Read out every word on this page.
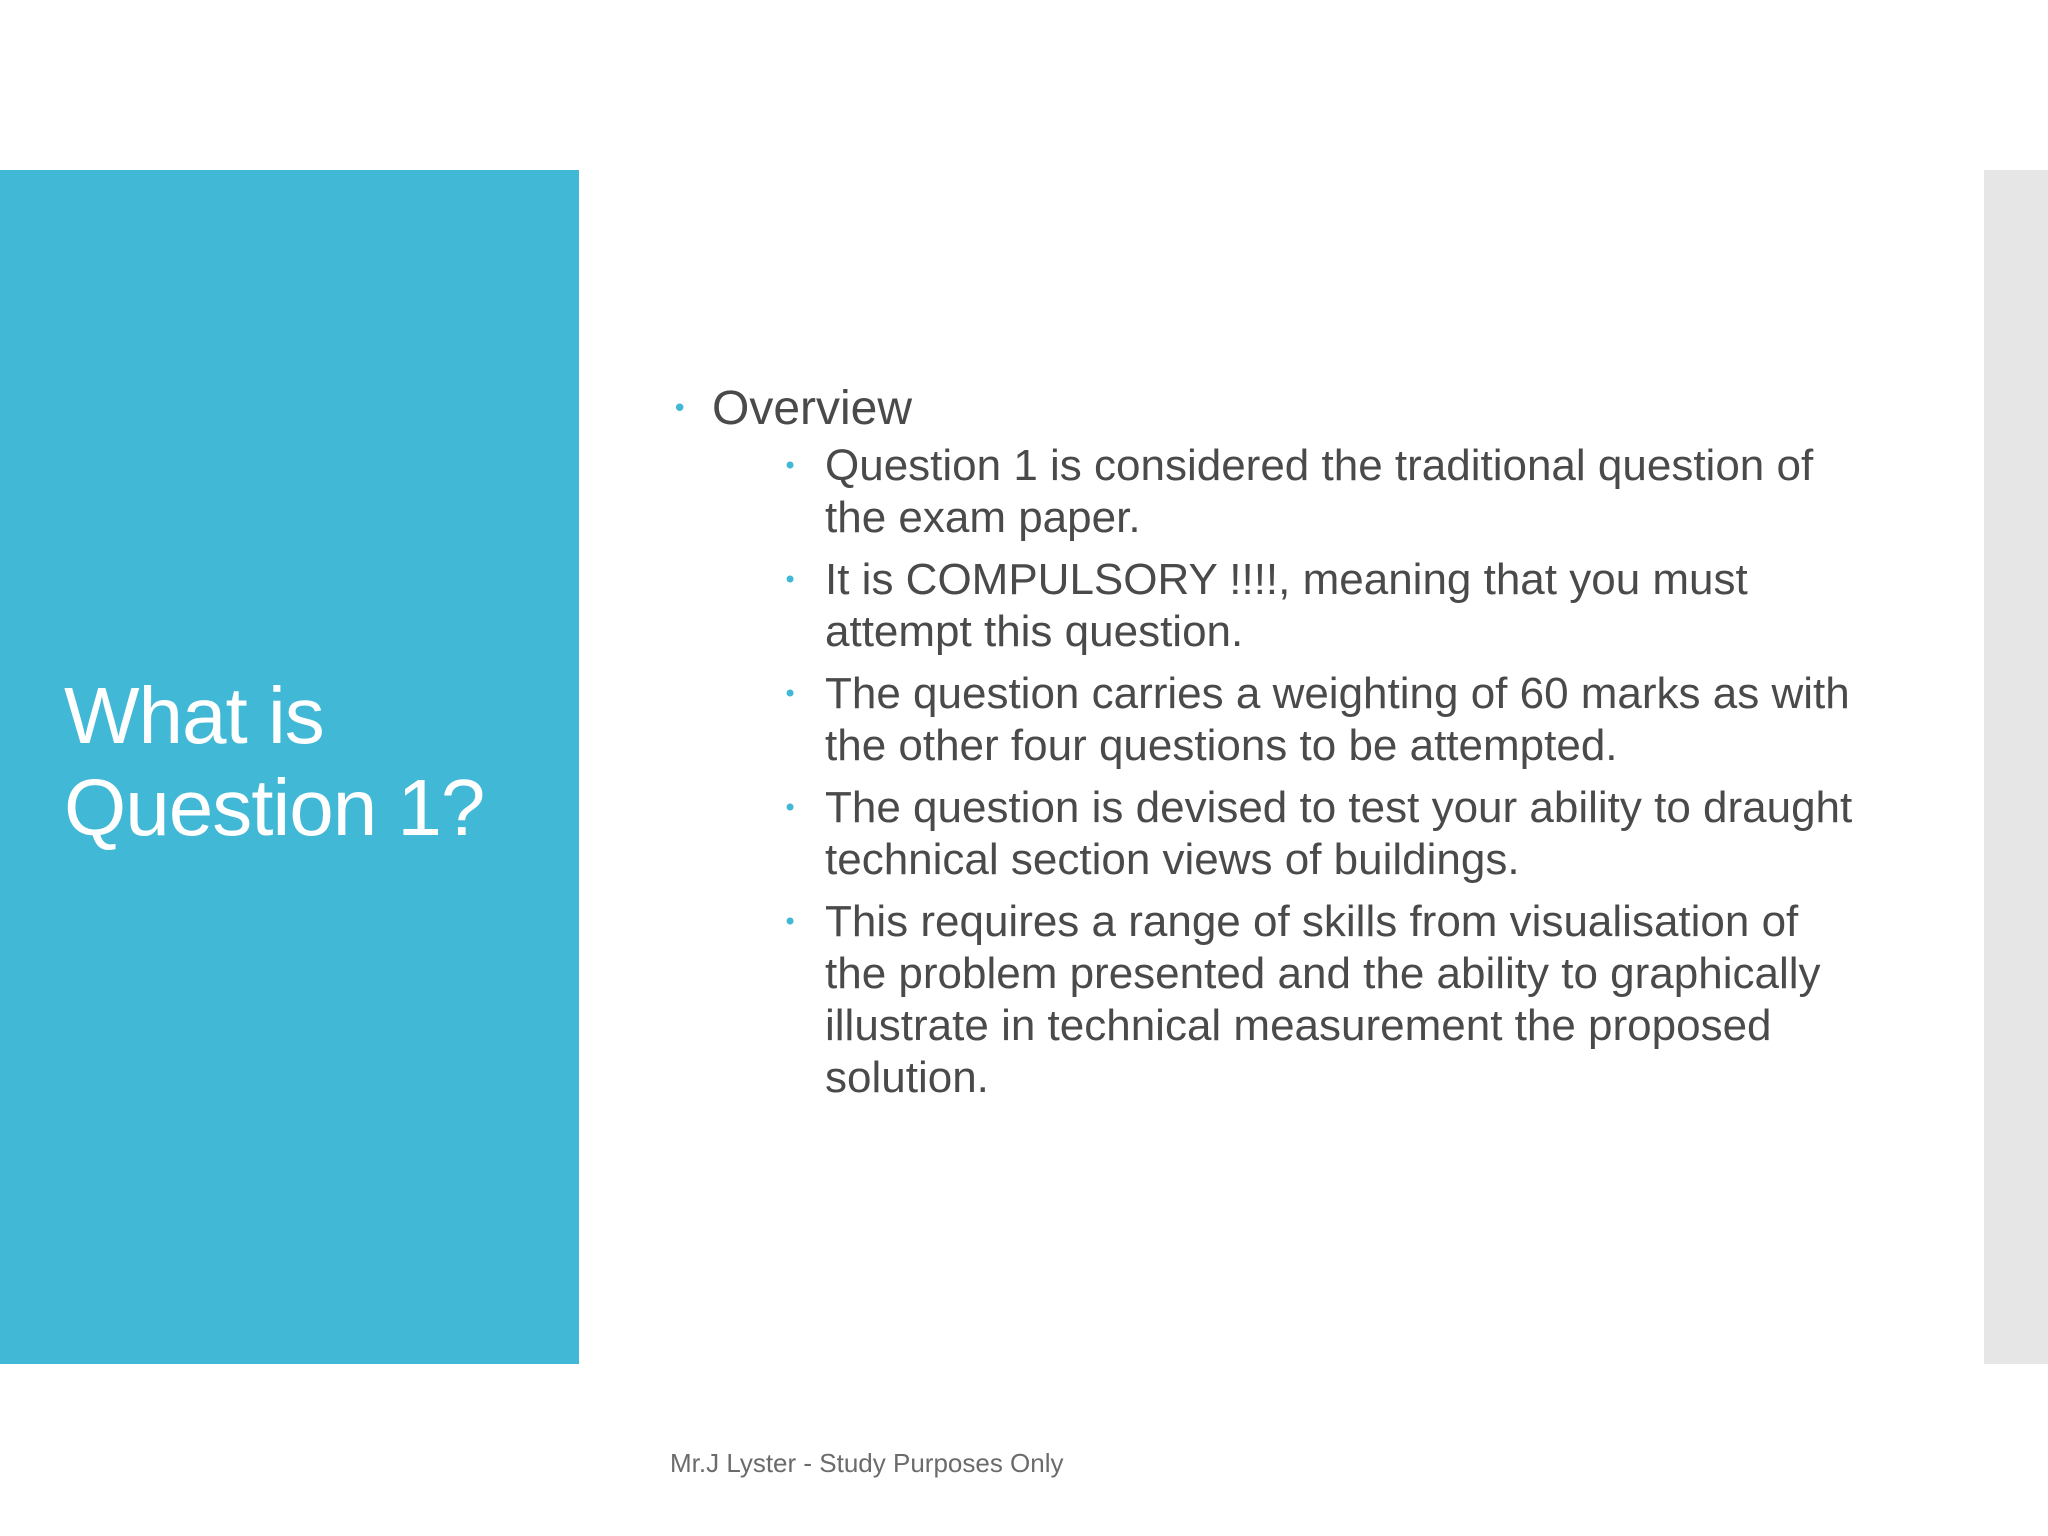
What is Question 1?
• Overview
• Question 1 is considered the traditional question of the exam paper.
• It is COMPULSORY !!!!, meaning that you must attempt this question.
• The question carries a weighting of 60 marks as with the other four questions to be attempted.
• The question is devised to test your ability to draught technical section views of buildings.
• This requires a range of skills from visualisation of the problem presented and the ability to graphically illustrate in technical measurement the proposed solution.
Mr.J Lyster - Study Purposes Only
